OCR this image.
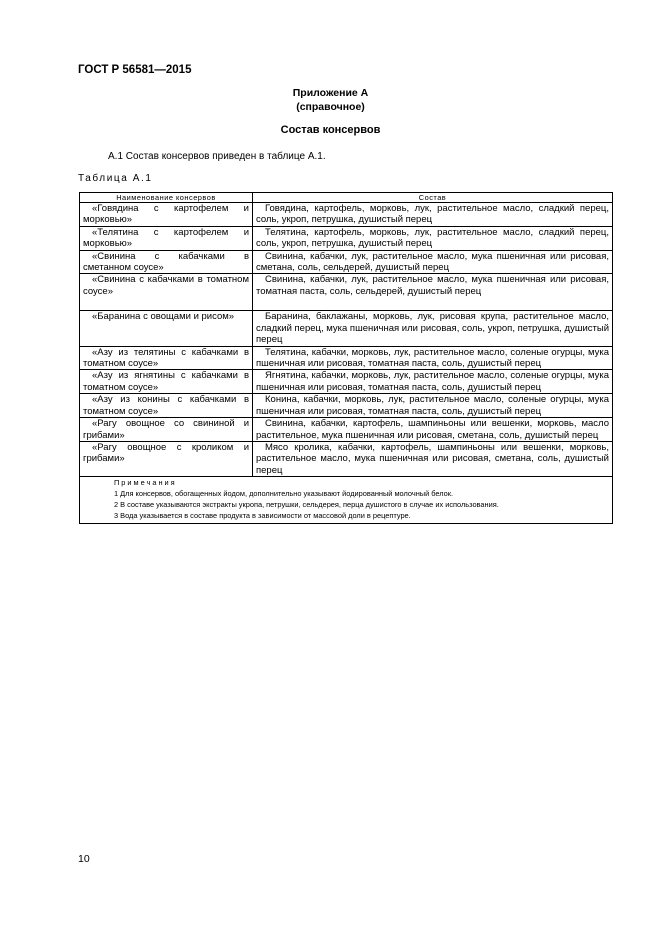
ГОСТ Р 56581—2015
Приложение А
(справочное)
Состав консервов
А.1 Состав консервов приведен в таблице А.1.
Таблица А.1
Наименование консервов	Состав
«Говядина с картофелем и морковью»	Говядина, картофель, морковь, лук, растительное масло, сладкий перец, соль, укроп, петрушка, душистый перец
«Телятина с картофелем и морковью»	Телятина, картофель, морковь, лук, растительное масло, сладкий перец, соль, укроп, петрушка, душистый перец
«Свинина с кабачками в сметанном соусе»	Свинина, кабачки, лук, растительное масло, мука пшеничная или рисовая, сметана, соль, сельдерей, душистый перец
«Свинина с кабачками в томатном соусе»	Свинина, кабачки, лук, растительное масло, мука пшеничная или рисовая, томатная паста, соль, сельдерей, душистый перец
«Баранина с овощами и рисом»	Баранина, баклажаны, морковь, лук, рисовая крупа, растительное масло, сладкий перец, мука пшеничная или рисовая, соль, укроп, петрушка, душистый перец
«Азу из телятины с кабачками в томатном соусе»	Телятина, кабачки, морковь, лук, растительное масло, соленые огурцы, мука пшеничная или рисовая, томатная паста, соль, душистый перец
«Азу из ягнятины с кабачками в томатном соусе»	Ягнятина, кабачки, морковь, лук, растительное масло, соленые огурцы, мука пшеничная или рисовая, томатная паста, соль, душистый перец
«Азу из конины с кабачками в томатном соусе»	Конина, кабачки, морковь, лук, растительное масло, соленые огурцы, мука пшеничная или рисовая, томатная паста, соль, душистый перец
«Рагу овощное со свининой и грибами»	Свинина, кабачки, картофель, шампиньоны или вешенки, морковь, масло растительное, мука пшеничная или рисовая, сметана, соль, душистый перец
«Рагу овощное с кроликом и грибами»	Мясо кролика, кабачки, картофель, шампиньоны или вешенки, морковь, растительное масло, мука пшеничная или рисовая, сметана, соль, душистый перец

Примечания
1 Для консервов, обогащенных йодом, дополнительно указывают йодированный молочный белок.
2 В составе указываются экстракты укропа, петрушки, сельдерея, перца душистого в случае их использования.
3 Вода указывается в составе продукта в зависимости от массовой доли в рецептуре.	
10
